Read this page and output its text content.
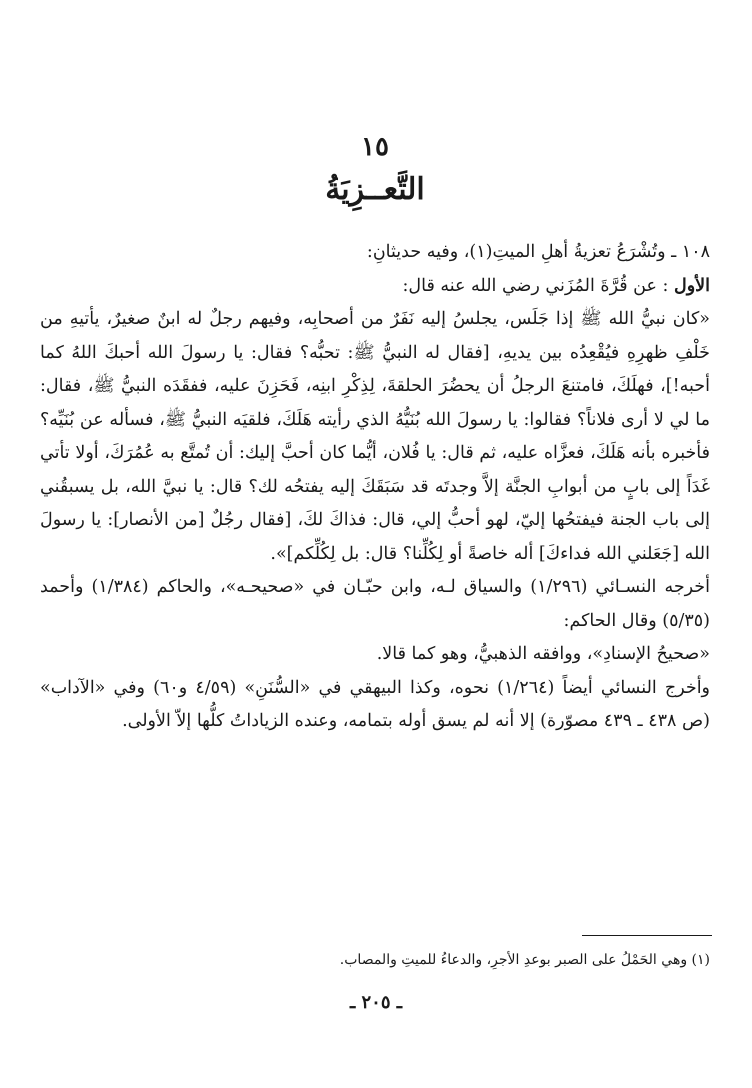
١٥
التَّعــزِيَةُ

١٠٨ ـ وتُشْرَعُ تعزيةُ أهلِ الميتِ(١)، وفيه حديثانِ:

الأول : عن قُرَّةَ المُزَني رضي الله عنه قال:

«كان نبيُّ الله ﷺ إذا جَلَس، يجلسُ إليه نَفَرٌ من أصحابِه، وفيهم رجلٌ له ابنٌ صغيرٌ، يأتيهِ من خَلْفِ ظهرِهِ فيُقْعِدُه بين يديهِ، [فقال له النبيُّ ﷺ: تحبُّه؟ فقال: يا رسولَ الله أحبكَ اللهُ كما أحبه!]، فهلَكَ، فامتنعَ الرجلُ أن يحضُرَ الحلقةَ، لِذِكْرِ ابنِه، فَحَزِنَ عليه، ففقَدَه النبيُّ ﷺ، فقال: ما لي لا أرى فلاناً؟ فقالوا: يا رسولَ الله بُنَيُّهُ الذي رأيته هَلَكَ، فلقيَه النبيُّ ﷺ، فسأله عن بُنَيِّه؟ فأخبره بأنه هَلَكَ، فعزَّاه عليه، ثم قال: يا فُلان، أيُّما كان أحبَّ إليك: أن تُمتَّع به عُمُرَكَ، أولا تأتي غَدَاً إلى بابٍ من أبوابِ الجنَّة إلاَّ وجدتَه قد سَبَقَكَ إليه يفتحُه لك؟ قال: يا نبيَّ الله، بل يسبقُني إلى باب الجنة فيفتحُها إليّ، لهو أحبُّ إلي، قال: فذاكَ لكَ، [فقال رجُلٌ [من الأنصار]: يا رسولَ الله [جَعَلني الله فداءكَ] أله خاصةً أو لِكُلِّنا؟ قال: بل لِكُلِّكم]».

أخرجه النسـائي (١/٢٩٦) والسياق لـه، وابن حبّـان في «صحيحـه»، والحاكم (١/٣٨٤) وأحمد (٥/٣٥) وقال الحاكم:

«صحيحُ الإسنادِ»، ووافقه الذهبيُّ، وهو كما قالا.

وأخرج النسائي أيضاً (١/٢٦٤) نحوه، وكذا البيهقي في «السُّنَنِ» (٤/٥٩ و٦٠) وفي «الآداب» (ص ٤٣٨ ـ ٤٣٩ مصوّرة) إلا أنه لم يسق أوله بتمامه، وعنده الزياداتُ كلُّها إلاّ الأولى.

(١) وهي الحَمْلُ على الصبر بوعدِ الأجرِ، والدعاءُ للميتِ والمصاب.
ـ ٢٠٥ ـ
